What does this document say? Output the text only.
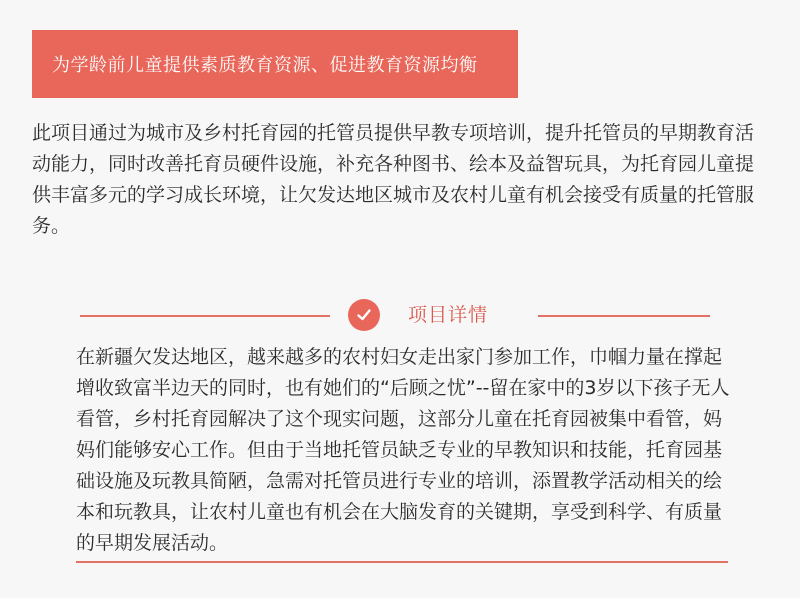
为学龄前儿童提供素质教育资源、促进教育资源均衡

此项目通过为城市及乡村托育园的托管员提供早教专项培训，提升托管员的早期教育活动能力，同时改善托育员硬件设施，补充各种图书、绘本及益智玩具，为托育园儿童提供丰富多元的学习成长环境，让欠发达地区城市及农村儿童有机会接受有质量的托管服务。

项目详情

在新疆欠发达地区，越来越多的农村妇女走出家门参加工作，巾帼力量在撑起增收致富半边天的同时，也有她们的“后顾之忧”--留在家中的3岁以下孩子无人看管，乡村托育园解决了这个现实问题，这部分儿童在托育园被集中看管，妈妈们能够安心工作。但由于当地托管员缺乏专业的早教知识和技能，托育园基础设施及玩教具简陋，急需对托管员进行专业的培训，添置教学活动相关的绘本和玩教具，让农村儿童也有机会在大脑发育的关键期，享受到科学、有质量的早期发展活动。
